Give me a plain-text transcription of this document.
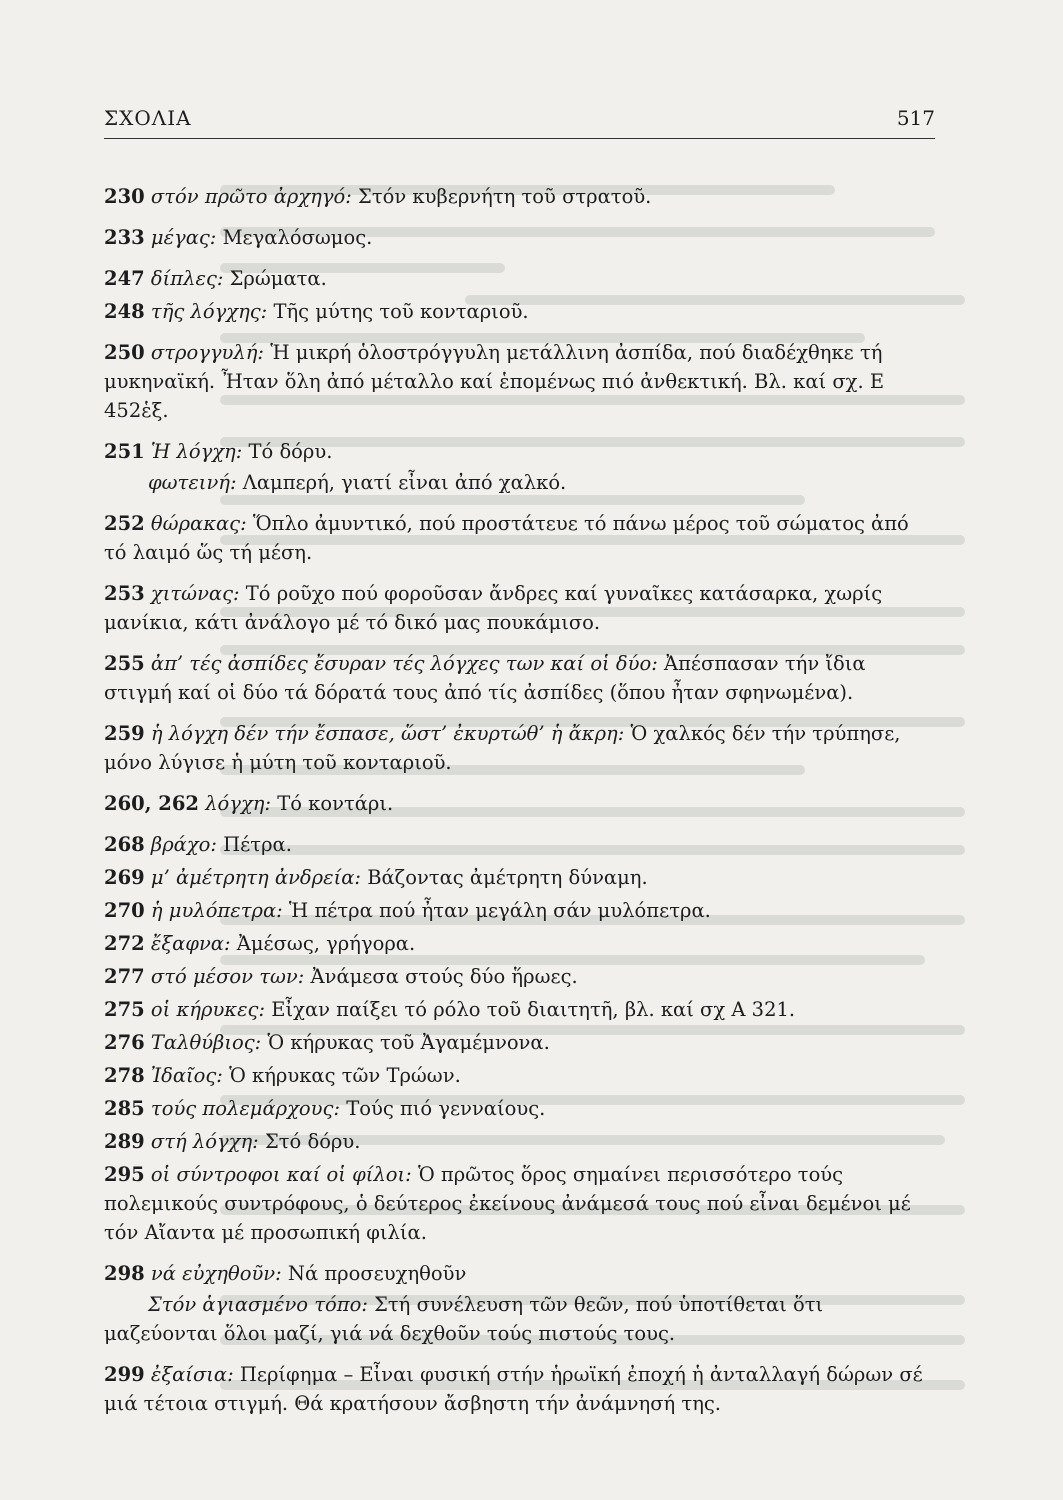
ΣΧΟΛΙΑ	517

230 στόν πρῶτο ἀρχηγό: Στόν κυβερνήτη τοῦ στρατοῦ.

233 μέγας: Μεγαλόσωμος.

247 δίπλες: Σρώματα.

248 τῆς λόγχης: Τῆς μύτης τοῦ κονταριοῦ.

250 στρογγυλή: Ἡ μικρή ὁλοστρόγγυλη μετάλλινη ἀσπίδα, πού διαδέχθηκε τή μυκηναϊκή. Ἦταν ὅλη ἀπό μέταλλο καί ἑπομένως πιό ἀνθεκτική. Βλ. καί σχ. Ε 452ἑξ.

251 Ἡ λόγχη: Τό δόρυ.

φωτεινή: Λαμπερή, γιατί εἶναι ἀπό χαλκό.

252 θώρακας: Ὅπλο ἀμυντικό, πού προστάτευε τό πάνω μέρος τοῦ σώματος ἀπό τό λαιμό ὥς τή μέση.

253 χιτώνας: Τό ροῦχο πού φοροῦσαν ἄνδρες καί γυναῖκες κατάσαρκα, χωρίς μανίκια, κάτι ἀνάλογο μέ τό δικό μας πουκάμισο.

255 ἀπ’ τές ἀσπίδες ἔσυραν τές λόγχες των καί οἱ δύο: Ἀπέσπασαν τήν ἴδια στιγμή καί οἱ δύο τά δόρατά τους ἀπό τίς ἀσπίδες (ὅπου ἦταν σφηνωμένα).

259 ἡ λόγχη δέν τήν ἔσπασε, ὥστ’ ἐκυρτώθ’ ἡ ἄκρη: Ὁ χαλκός δέν τήν τρύπησε, μόνο λύγισε ἡ μύτη τοῦ κονταριοῦ.

260, 262 λόγχη: Τό κοντάρι.

268 βράχο: Πέτρα.

269 μ’ ἀμέτρητη ἀνδρεία: Βάζοντας ἀμέτρητη δύναμη.

270 ἡ μυλόπετρα: Ἡ πέτρα πού ἦταν μεγάλη σάν μυλόπετρα.

272 ἔξαφνα: Ἀμέσως, γρήγορα.

277 στό μέσον των: Ἀνάμεσα στούς δύο ἥρωες.

275 οἱ κήρυκες: Εἶχαν παίξει τό ρόλο τοῦ διαιτητῆ, βλ. καί σχ Α 321.

276 Ταλθύβιος: Ὁ κήρυκας τοῦ Ἀγαμέμνονα.

278 Ἰδαῖος: Ὁ κήρυκας τῶν Τρώων.

285 τούς πολεμάρχους: Τούς πιό γενναίους.

289 στή λόγχη: Στό δόρυ.

295 οἱ σύντροφοι καί οἱ φίλοι: Ὁ πρῶτος ὅρος σημαίνει περισσότερο τούς πολεμικούς συντρόφους, ὁ δεύτερος ἐκείνους ἀνάμεσά τους πού εἶναι δεμένοι μέ τόν Αἴαντα μέ προσωπική φιλία.

298 νά εὐχηθοῦν: Νά προσευχηθοῦν

Στόν ἁγιασμένο τόπο: Στή συνέλευση τῶν θεῶν, πού ὑποτίθεται ὅτι μαζεύονται ὅλοι μαζί, γιά νά δεχθοῦν τούς πιστούς τους.

299 ἐξαίσια: Περίφημα – Εἶναι φυσική στήν ἡρωϊκή ἐποχή ἡ ἀνταλλαγή δώρων σέ μιά τέτοια στιγμή. Θά κρατήσουν ἄσβηστη τήν ἀνάμνησή της.
